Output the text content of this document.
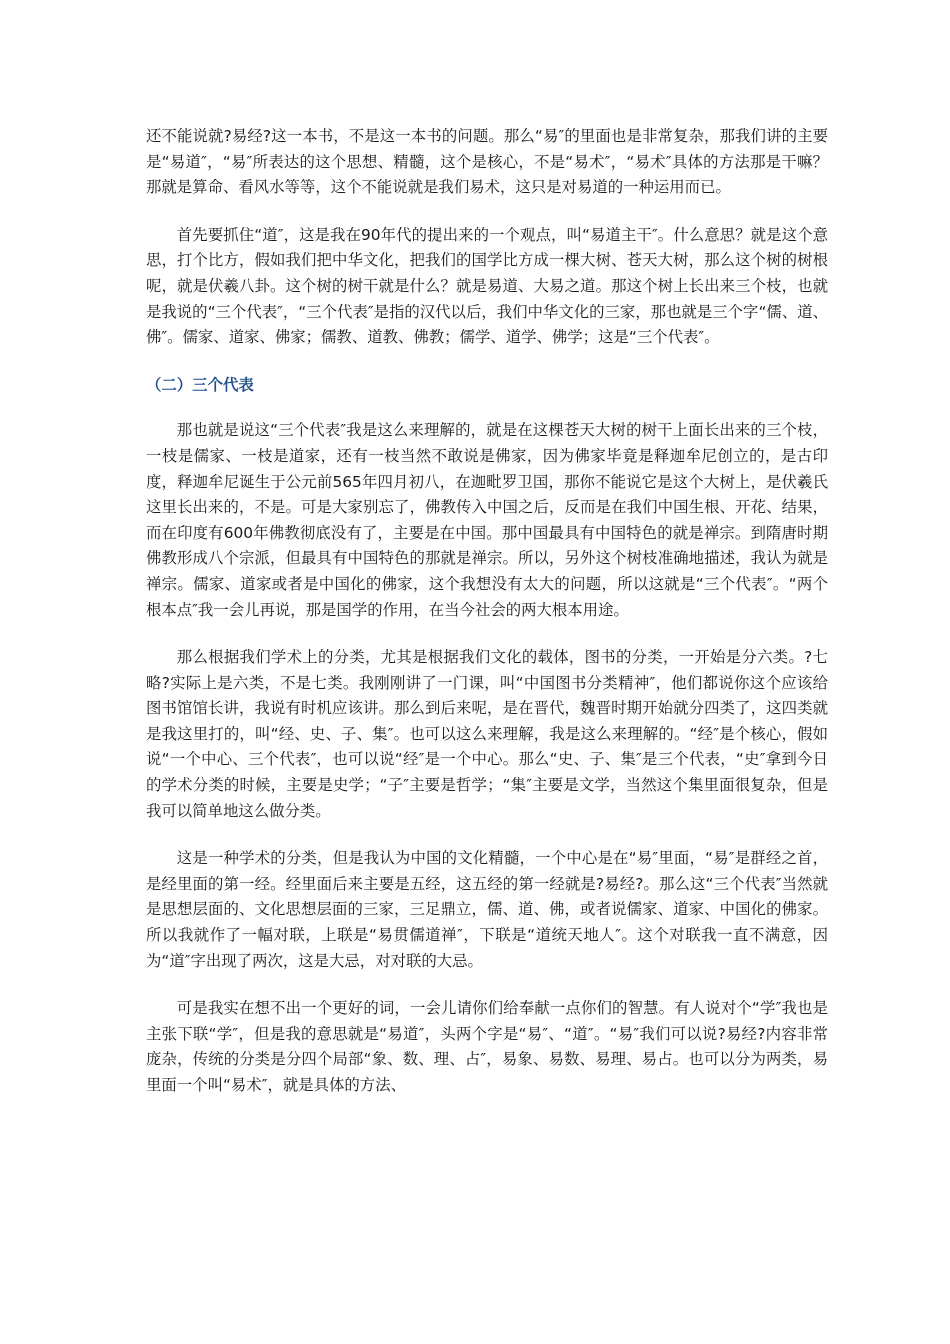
还不能说就?易经?这一本书，不是这一本书的问题。那么“易″的里面也是非常复杂，那我们讲的主要是“易道″，“易″所表达的这个思想、精髓，这个是核心，不是“易术″，“易术″具体的方法那是干嘛？那就是算命、看风水等等，这个不能说就是我们易术，这只是对易道的一种运用而已。

首先要抓住“道″，这是我在90年代的提出来的一个观点，叫“易道主干″。什么意思？就是这个意思，打个比方，假如我们把中华文化，把我们的国学比方成一棵大树、苍天大树，那么这个树的树根呢，就是伏羲八卦。这个树的树干就是什么？就是易道、大易之道。那这个树上长出来三个枝，也就是我说的“三个代表″，“三个代表″是指的汉代以后，我们中华文化的三家，那也就是三个字“儒、道、佛″。儒家、道家、佛家；儒教、道教、佛教；儒学、道学、佛学；这是“三个代表″。

（二）三个代表

那也就是说这“三个代表″我是这么来理解的，就是在这棵苍天大树的树干上面长出来的三个枝，一枝是儒家、一枝是道家，还有一枝当然不敢说是佛家，因为佛家毕竟是释迦牟尼创立的，是古印度，释迦牟尼诞生于公元前565年四月初八，在迦毗罗卫国，那你不能说它是这个大树上，是伏羲氏这里长出来的，不是。可是大家别忘了，佛教传入中国之后，反而是在我们中国生根、开花、结果，而在印度有600年佛教彻底没有了，主要是在中国。那中国最具有中国特色的就是禅宗。到隋唐时期佛教形成八个宗派，但最具有中国特色的那就是禅宗。所以，另外这个树枝准确地描述，我认为就是禅宗。儒家、道家或者是中国化的佛家，这个我想没有太大的问题，所以这就是“三个代表″。“两个根本点″我一会儿再说，那是国学的作用，在当今社会的两大根本用途。

那么根据我们学术上的分类，尤其是根据我们文化的载体，图书的分类，一开始是分六类。?七略?实际上是六类，不是七类。我刚刚讲了一门课，叫“中国图书分类精神″，他们都说你这个应该给图书馆馆长讲，我说有时机应该讲。那么到后来呢，是在晋代，魏晋时期开始就分四类了，这四类就是我这里打的，叫“经、史、子、集″。也可以这么来理解，我是这么来理解的。“经″是个核心，假如说“一个中心、三个代表″，也可以说“经″是一个中心。那么“史、子、集″是三个代表，“史″拿到今日的学术分类的时候，主要是史学；“子″主要是哲学；“集″主要是文学，当然这个集里面很复杂，但是我可以简单地这么做分类。

这是一种学术的分类，但是我认为中国的文化精髓，一个中心是在“易″里面，“易″是群经之首，是经里面的第一经。经里面后来主要是五经，这五经的第一经就是?易经?。那么这“三个代表″当然就是思想层面的、文化思想层面的三家，三足鼎立，儒、道、佛，或者说儒家、道家、中国化的佛家。所以我就作了一幅对联，上联是“易贯儒道禅″，下联是“道统天地人″。这个对联我一直不满意，因为“道″字出现了两次，这是大忌，对对联的大忌。

可是我实在想不出一个更好的词，一会儿请你们给奉献一点你们的智慧。有人说对个“学″我也是主张下联“学″，但是我的意思就是“易道″，头两个字是“易″、“道″。“易″我们可以说?易经?内容非常庞杂，传统的分类是分四个局部“象、数、理、占″，易象、易数、易理、易占。也可以分为两类，易里面一个叫“易术″，就是具体的方法、
